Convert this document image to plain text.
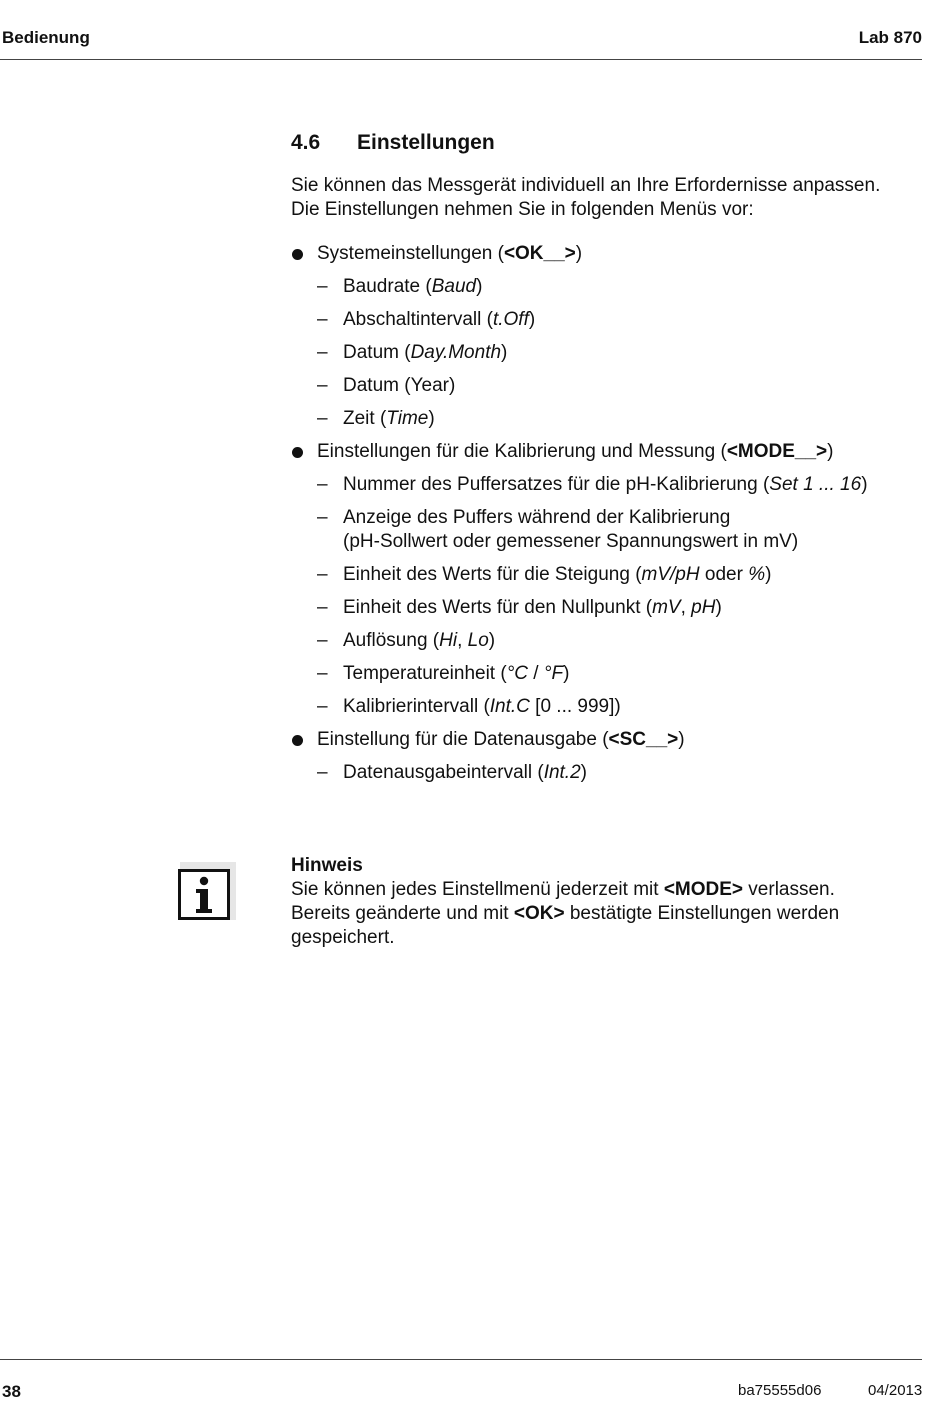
Bedienung	Lab 870
4.6	Einstellungen

Sie können das Messgerät individuell an Ihre Erfordernisse anpassen.

Die Einstellungen nehmen Sie in folgenden Menüs vor:

Systemeinstellungen (<OK__>)
– Baudrate (Baud)
– Abschaltintervall (t.Off)
– Datum (Day.Month)
– Datum (Year)
– Zeit (Time)
Einstellungen für die Kalibrierung und Messung (<MODE__>)
– Nummer des Puffersatzes für die pH-Kalibrierung (Set 1 ... 16)
– Anzeige des Puffers während der Kalibrierung
(pH-Sollwert oder gemessener Spannungswert in mV)
– Einheit des Werts für die Steigung (mV/pH oder %)
– Einheit des Werts für den Nullpunkt (mV, pH)
– Auflösung (Hi, Lo)
– Temperatureinheit (°C / °F)
– Kalibrierintervall (Int.C [0 ... 999])
Einstellung für die Datenausgabe (<SC__>)
– Datenausgabeintervall (Int.2)
Hinweis
Sie können jedes Einstellmenü jederzeit mit <MODE> verlassen.
Bereits geänderte und mit <OK> bestätigte Einstellungen werden
gespeichert.
38	ba75555d06	04/2013
